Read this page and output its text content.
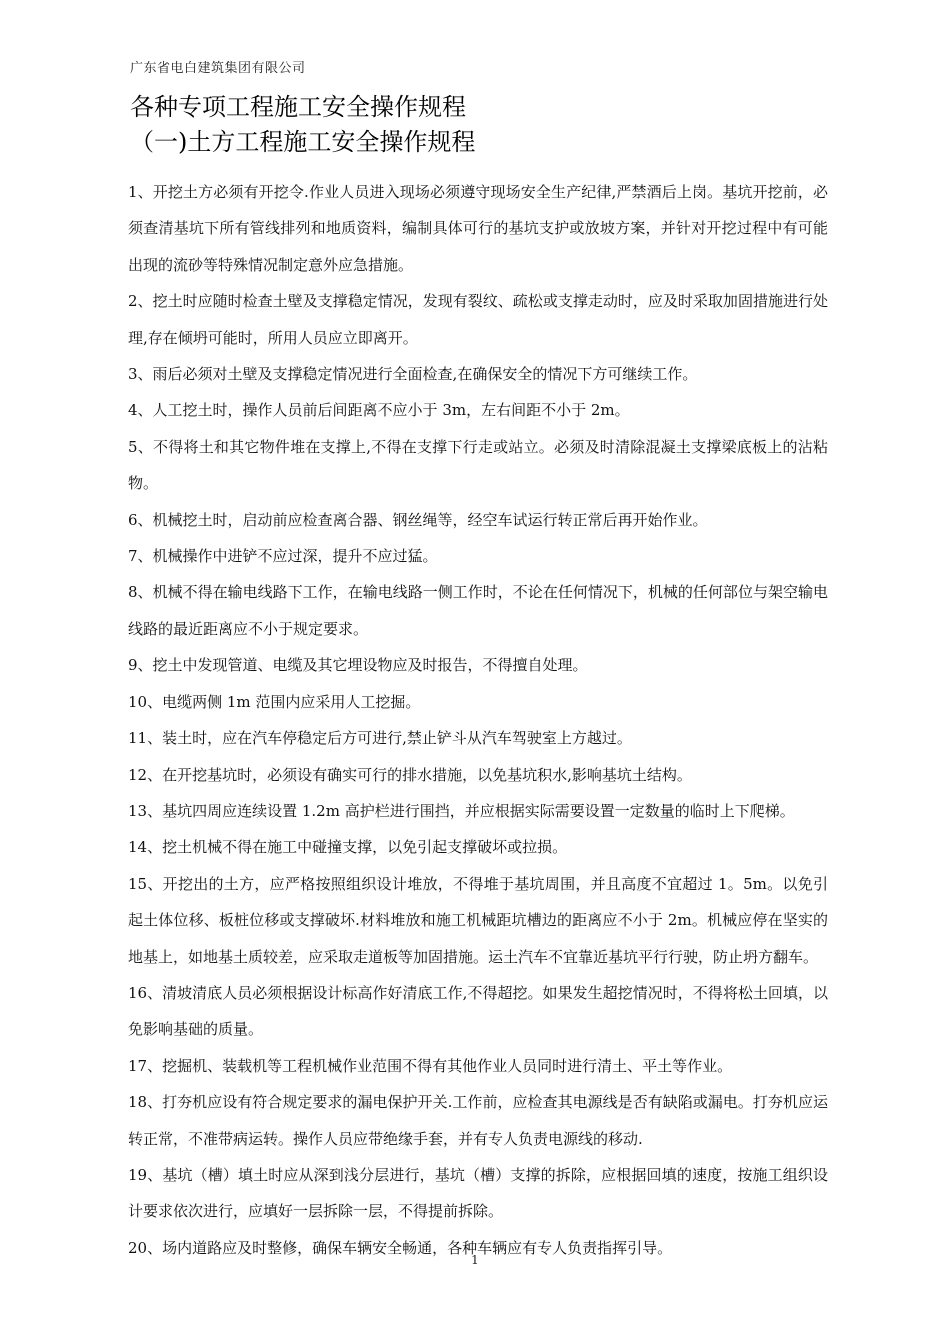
广东省电白建筑集团有限公司
各种专项工程施工安全操作规程
（一)土方工程施工安全操作规程

1、开挖土方必须有开挖令.作业人员进入现场必须遵守现场安全生产纪律,严禁酒后上岗。基坑开挖前，必须查清基坑下所有管线排列和地质资料，编制具体可行的基坑支护或放坡方案，并针对开挖过程中有可能出现的流砂等特殊情况制定意外应急措施。

2、挖土时应随时检查土壁及支撑稳定情况，发现有裂纹、疏松或支撑走动时，应及时采取加固措施进行处理,存在倾坍可能时，所用人员应立即离开。

3、雨后必须对土壁及支撑稳定情况进行全面检查,在确保安全的情况下方可继续工作。

4、人工挖土时，操作人员前后间距离不应小于 3m，左右间距不小于 2m。

5、不得将土和其它物件堆在支撑上,不得在支撑下行走或站立。必须及时清除混凝土支撑梁底板上的沾粘物。

6、机械挖土时，启动前应检查离合器、钢丝绳等，经空车试运行转正常后再开始作业。

7、机械操作中进铲不应过深，提升不应过猛。

8、机械不得在输电线路下工作，在输电线路一侧工作时，不论在任何情况下，机械的任何部位与架空输电线路的最近距离应不小于规定要求。

9、挖土中发现管道、电缆及其它埋设物应及时报告，不得擅自处理。

10、电缆两侧 1m 范围内应采用人工挖掘。

11、装土时，应在汽车停稳定后方可进行,禁止铲斗从汽车驾驶室上方越过。

12、在开挖基坑时，必须设有确实可行的排水措施，以免基坑积水,影响基坑土结构。

13、基坑四周应连续设置 1.2m 高护栏进行围挡，并应根据实际需要设置一定数量的临时上下爬梯。

14、挖土机械不得在施工中碰撞支撑，以免引起支撑破坏或拉损。

15、开挖出的土方，应严格按照组织设计堆放，不得堆于基坑周围，并且高度不宜超过 1。5m。以免引起土体位移、板桩位移或支撑破坏.材料堆放和施工机械距坑槽边的距离应不小于 2m。机械应停在坚实的地基上，如地基土质较差，应采取走道板等加固措施。运土汽车不宜靠近基坑平行行驶，防止坍方翻车。

16、清坡清底人员必须根据设计标高作好清底工作,不得超挖。如果发生超挖情况时，不得将松土回填，以免影响基础的质量。

17、挖掘机、装载机等工程机械作业范围不得有其他作业人员同时进行清土、平土等作业。

18、打夯机应设有符合规定要求的漏电保护开关.工作前，应检查其电源线是否有缺陷或漏电。打夯机应运转正常，不准带病运转。操作人员应带绝缘手套，并有专人负责电源线的移动.

19、基坑（槽）填土时应从深到浅分层进行，基坑（槽）支撑的拆除，应根据回填的速度，按施工组织设计要求依次进行，应填好一层拆除一层，不得提前拆除。

20、场内道路应及时整修，确保车辆安全畅通，各种车辆应有专人负责指挥引导。

1
